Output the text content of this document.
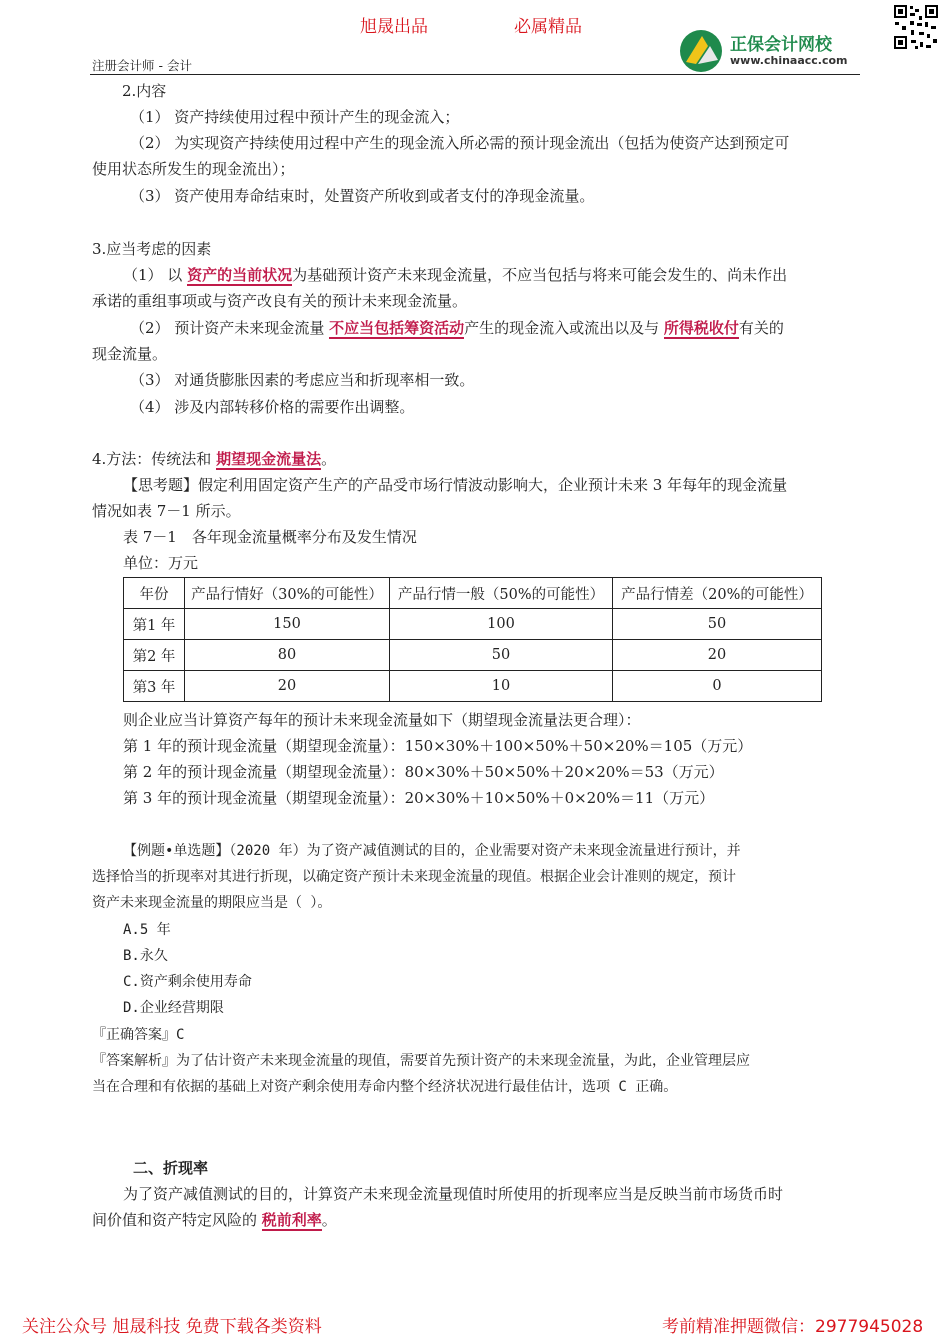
旭晟出品	必属精品
正保会计网校
www.chinaacc.com
注册会计师 - 会计
2.内容
（1） 资产持续使用过程中预计产生的现金流入；
（2） 为实现资产持续使用过程中产生的现金流入所必需的预计现金流出（包括为使资产达到预定可
使用状态所发生的现金流出）；
（3） 资产使用寿命结束时，处置资产所收到或者支付的净现金流量。
3.应当考虑的因素
（1） 以 资产的当前状况为基础预计资产未来现金流量，不应当包括与将来可能会发生的、尚未作出
承诺的重组事项或与资产改良有关的预计未来现金流量。
（2） 预计资产未来现金流量 不应当包括筹资活动产生的现金流入或流出以及与 所得税收付有关的
现金流量。
（3） 对通货膨胀因素的考虑应当和折现率相一致。
（4） 涉及内部转移价格的需要作出调整。
4.方法：传统法和 期望现金流量法。
【思考题】假定利用固定资产生产的产品受市场行情波动影响大，企业预计未来 3 年每年的现金流量
情况如表 7－1 所示。
表 7－1　各年现金流量概率分布及发生情况
单位：万元
年份	产品行情好（30%的可能性）	产品行情一般（50%的可能性）	产品行情差（20%的可能性）
第1 年	150	100	50
第2 年	80	50	20
第3 年	20	10	0
则企业应当计算资产每年的预计未来现金流量如下（期望现金流量法更合理）：
第 1 年的预计现金流量（期望现金流量）：150×30%＋100×50%＋50×20%＝105（万元）
第 2 年的预计现金流量（期望现金流量）：80×30%＋50×50%＋20×20%＝53（万元）
第 3 年的预计现金流量（期望现金流量）：20×30%＋10×50%＋0×20%＝11（万元）
【例题•单选题】（2020 年）为了资产减值测试的目的，企业需要对资产未来现金流量进行预计，并
选择恰当的折现率对其进行折现，以确定资产预计未来现金流量的现值。根据企业会计准则的规定，预计
资产未来现金流量的期限应当是（ ）。
A.5 年
B.永久
C.资产剩余使用寿命
D.企业经营期限
『正确答案』C
『答案解析』为了估计资产未来现金流量的现值，需要首先预计资产的未来现金流量，为此，企业管理层应
当在合理和有依据的基础上对资产剩余使用寿命内整个经济状况进行最佳估计，选项 C 正确。
二、折现率
为了资产减值测试的目的，计算资产未来现金流量现值时所使用的折现率应当是反映当前市场货币时
间价值和资产特定风险的 税前利率。
关注公众号 旭晟科技 免费下载各类资料	考前精准押题微信：2977945028
